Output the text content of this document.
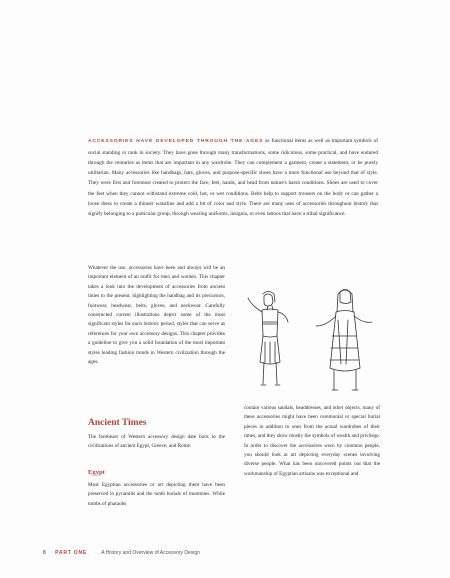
ACCESSORIES HAVE DEVELOPED THROUGH THE AGES as functional items as well as important symbols of social standing or rank in society. They have gone through many transformations, some ridiculous, some practical, and have endured through the centuries as items that are important in any wardrobe. They can complement a garment, create a statement, or be purely utilitarian. Many accessories like handbags, hats, gloves, and purpose-specific shoes have a more functional use beyond that of style. They were first and foremost created to protect the face, feet, hands, and head from nature's harsh conditions. Shoes are used to cover the feet when they cannot withstand extreme cold, hot, or wet conditions. Belts help to support trousers on the body or can gather a loose dress to create a thinner waistline and add a bit of color and style. There are many uses of accessories throughout history that signify belonging to a particular group, through wearing uniforms, insignia, or even tattoos that have a tribal significance.

Whatever the use, accessories have been and always will be an important element of an outfit for men and women. This chapter takes a look into the development of accessories from ancient times to the present, highlighting the handbag and its precursors, footwear, headwear, belts, gloves, and neckwear. Carefully constructed current illustrations depict some of the most significant styles for each historic period, styles that can serve as references for your own accessory designs. This chapter provides a guideline to give you a solid foundation of the most important styles leading fashion trends in Western civilization through the ages.

Ancient Times

The forebears of Western accessory design date back to the civilizations of ancient Egypt, Greece, and Rome.

Egypt

Most Egyptian accessories or art depicting them have been preserved in pyramids and the tomb burials of mummies. While tombs of pharaohs

contain various sandals, headdresses, and other objects, many of these accessories might have been ceremonial or special burial pieces in addition to ones from the actual wardrobes of their times, and they show mostly the symbols of wealth and privilege. In order to discover the accessories worn by common people, you should look at art depicting everyday scenes involving diverse people. What has been uncovered points out that the workmanship of Egyptian artisans was exceptional and

8 PART ONE · A History and Overview of Accessory Design
